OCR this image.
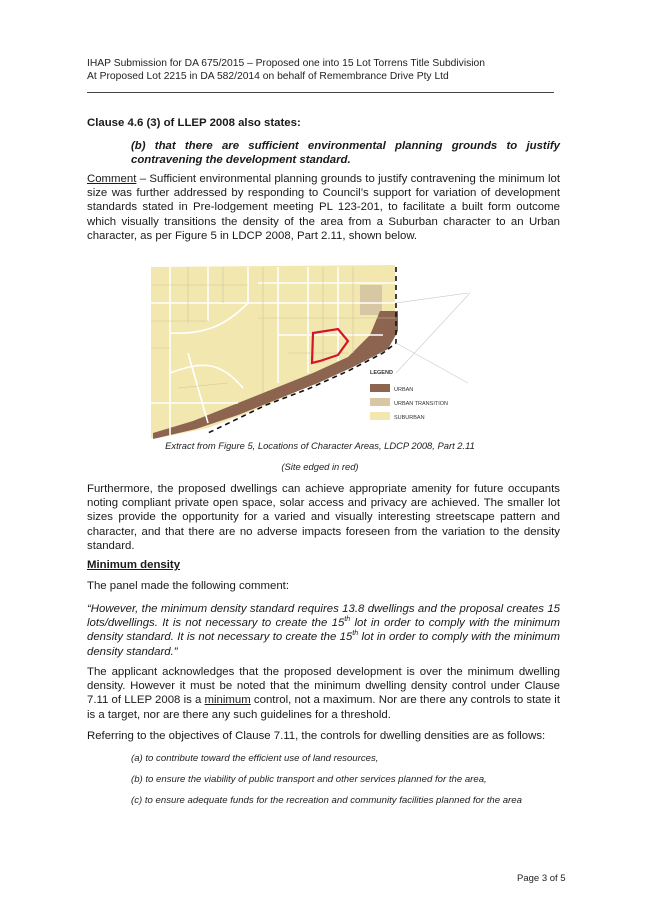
IHAP Submission for DA 675/2015 – Proposed one into 15 Lot Torrens Title Subdivision
At Proposed Lot 2215 in DA 582/2014 on behalf of Remembrance Drive Pty Ltd
Clause 4.6 (3) of LLEP 2008 also states:
(b) that there are sufficient environmental planning grounds to justify contravening the development standard.
Comment – Sufficient environmental planning grounds to justify contravening the minimum lot size was further addressed by responding to Council’s support for variation of development standards stated in Pre-lodgement meeting PL 123-201, to facilitate a built form outcome which visually transitions the density of the area from a Suburban character to an Urban character, as per Figure 5 in LDCP 2008, Part 2.11, shown below.
LEGEND
URBAN
URBAN TRANSITION
SUBURBAN
Extract from Figure 5, Locations of Character Areas, LDCP 2008, Part 2.11
(Site edged in red)
Furthermore, the proposed dwellings can achieve appropriate amenity for future occupants noting compliant private open space, solar access and privacy are achieved. The smaller lot sizes provide the opportunity for a varied and visually interesting streetscape pattern and character, and that there are no adverse impacts foreseen from the variation to the density standard.
Minimum density
The panel made the following comment:
“However, the minimum density standard requires 13.8 dwellings and the proposal creates 15 lots/dwellings. It is not necessary to create the 15th lot in order to comply with the minimum density standard. It is not necessary to create the 15th lot in order to comply with the minimum density standard.”
The applicant acknowledges that the proposed development is over the minimum dwelling density. However it must be noted that the minimum dwelling density control under Clause 7.11 of LLEP 2008 is a minimum control, not a maximum. Nor are there any controls to state it is a target, nor are there any such guidelines for a threshold.
Referring to the objectives of Clause 7.11, the controls for dwelling densities are as follows:
(a) to contribute toward the efficient use of land resources,
(b) to ensure the viability of public transport and other services planned for the area,
(c) to ensure adequate funds for the recreation and community facilities planned for the area
Page 3 of 5
